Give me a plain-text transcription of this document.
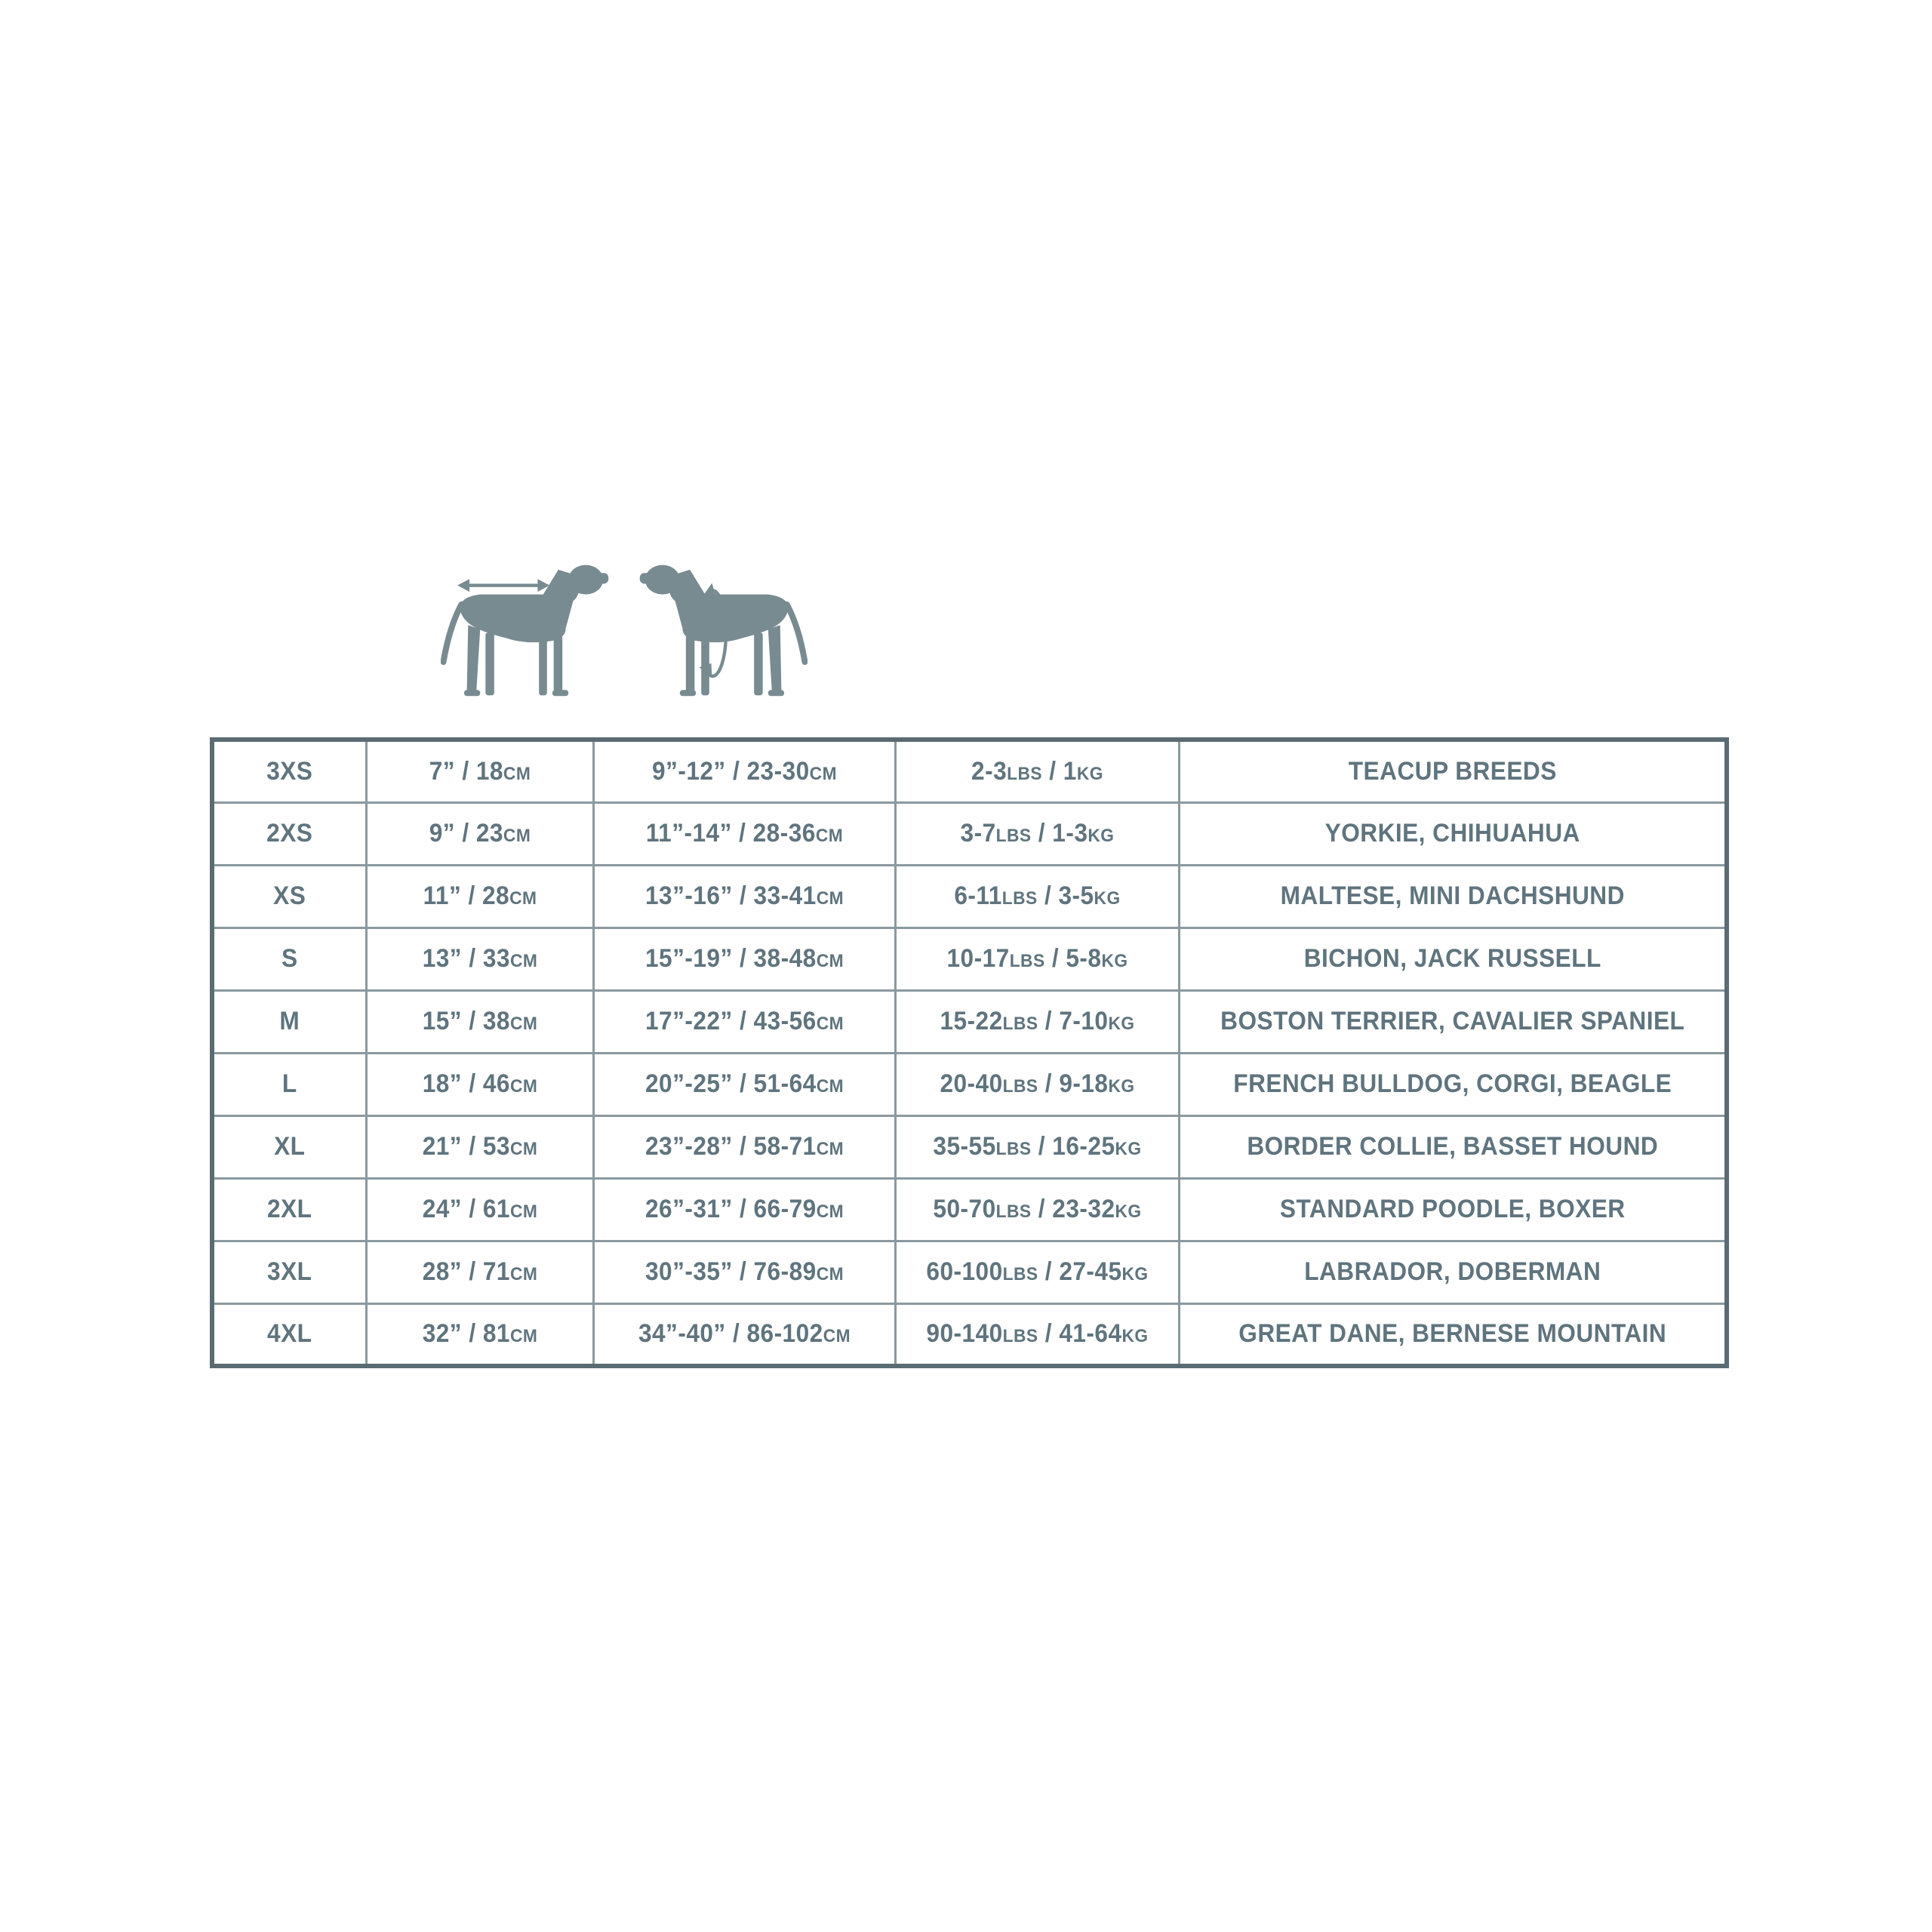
3XS	7” / 18CM	9”-12” / 23-30CM	2-3LBS / 1KG	TEACUP BREEDS

2XS	9” / 23CM	11”-14” / 28-36CM	3-7LBS / 1-3KG	YORKIE, CHIHUAHUA

XS	11” / 28CM	13”-16” / 33-41CM	6-11LBS / 3-5KG	MALTESE, MINI DACHSHUND

S	13” / 33CM	15”-19” / 38-48CM	10-17LBS / 5-8KG	BICHON, JACK RUSSELL

M	15” / 38CM	17”-22” / 43-56CM	15-22LBS / 7-10KG	BOSTON TERRIER, CAVALIER SPANIEL

L	18” / 46CM	20”-25” / 51-64CM	20-40LBS / 9-18KG	FRENCH BULLDOG, CORGI, BEAGLE

XL	21” / 53CM	23”-28” / 58-71CM	35-55LBS / 16-25KG	BORDER COLLIE, BASSET HOUND

2XL	24” / 61CM	26”-31” / 66-79CM	50-70LBS / 23-32KG	STANDARD POODLE, BOXER

3XL	28” / 71CM	30”-35” / 76-89CM	60-100LBS / 27-45KG	LABRADOR, DOBERMAN

4XL	32” / 81CM	34”-40” / 86-102CM	90-140LBS / 41-64KG	GREAT DANE, BERNESE MOUNTAIN
